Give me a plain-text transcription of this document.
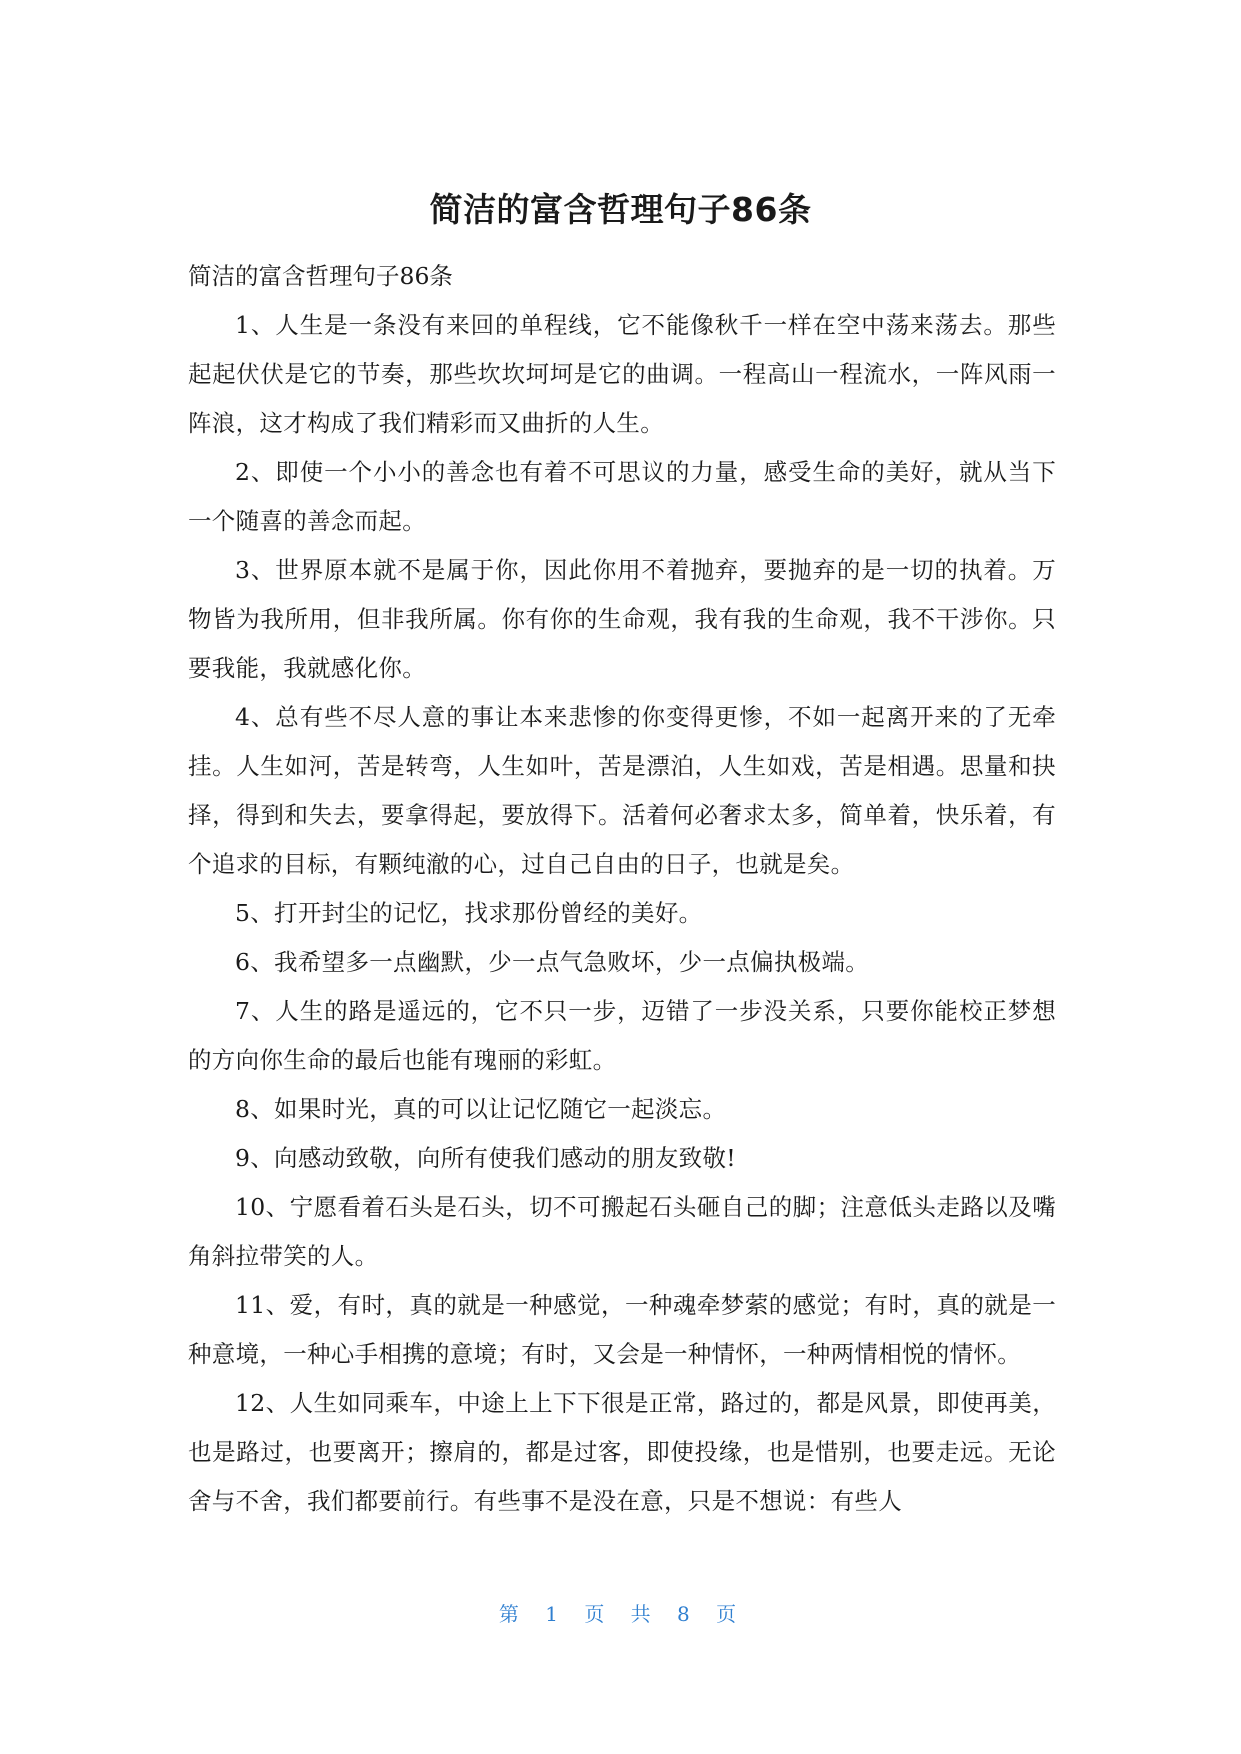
简洁的富含哲理句子86条

简洁的富含哲理句子86条

1、人生是一条没有来回的单程线，它不能像秋千一样在空中荡来荡去。那些起起伏伏是它的节奏，那些坎坎坷坷是它的曲调。一程高山一程流水，一阵风雨一阵浪，这才构成了我们精彩而又曲折的人生。

2、即使一个小小的善念也有着不可思议的力量，感受生命的美好，就从当下一个随喜的善念而起。

3、世界原本就不是属于你，因此你用不着抛弃，要抛弃的是一切的执着。万物皆为我所用，但非我所属。你有你的生命观，我有我的生命观，我不干涉你。只要我能，我就感化你。

4、总有些不尽人意的事让本来悲惨的你变得更惨，不如一起离开来的了无牵挂。人生如河，苦是转弯，人生如叶，苦是漂泊，人生如戏，苦是相遇。思量和抉择，得到和失去，要拿得起，要放得下。活着何必奢求太多，简单着，快乐着，有个追求的目标，有颗纯澈的心，过自己自由的日子，也就是矣。

5、打开封尘的记忆，找求那份曾经的美好。

6、我希望多一点幽默，少一点气急败坏，少一点偏执极端。

7、人生的路是遥远的，它不只一步，迈错了一步没关系，只要你能校正梦想的方向你生命的最后也能有瑰丽的彩虹。

8、如果时光，真的可以让记忆随它一起淡忘。

9、向感动致敬，向所有使我们感动的朋友致敬!

10、宁愿看着石头是石头，切不可搬起石头砸自己的脚；注意低头走路以及嘴角斜拉带笑的人。

11、爱，有时，真的就是一种感觉，一种魂牵梦萦的感觉；有时，真的就是一种意境，一种心手相携的意境；有时，又会是一种情怀，一种两情相悦的情怀。

12、人生如同乘车，中途上上下下很是正常，路过的，都是风景，即使再美，也是路过，也要离开；擦肩的，都是过客，即使投缘，也是惜别，也要走远。无论舍与不舍，我们都要前行。有些事不是没在意，只是不想说：有些人

第 1 页 共 8 页
